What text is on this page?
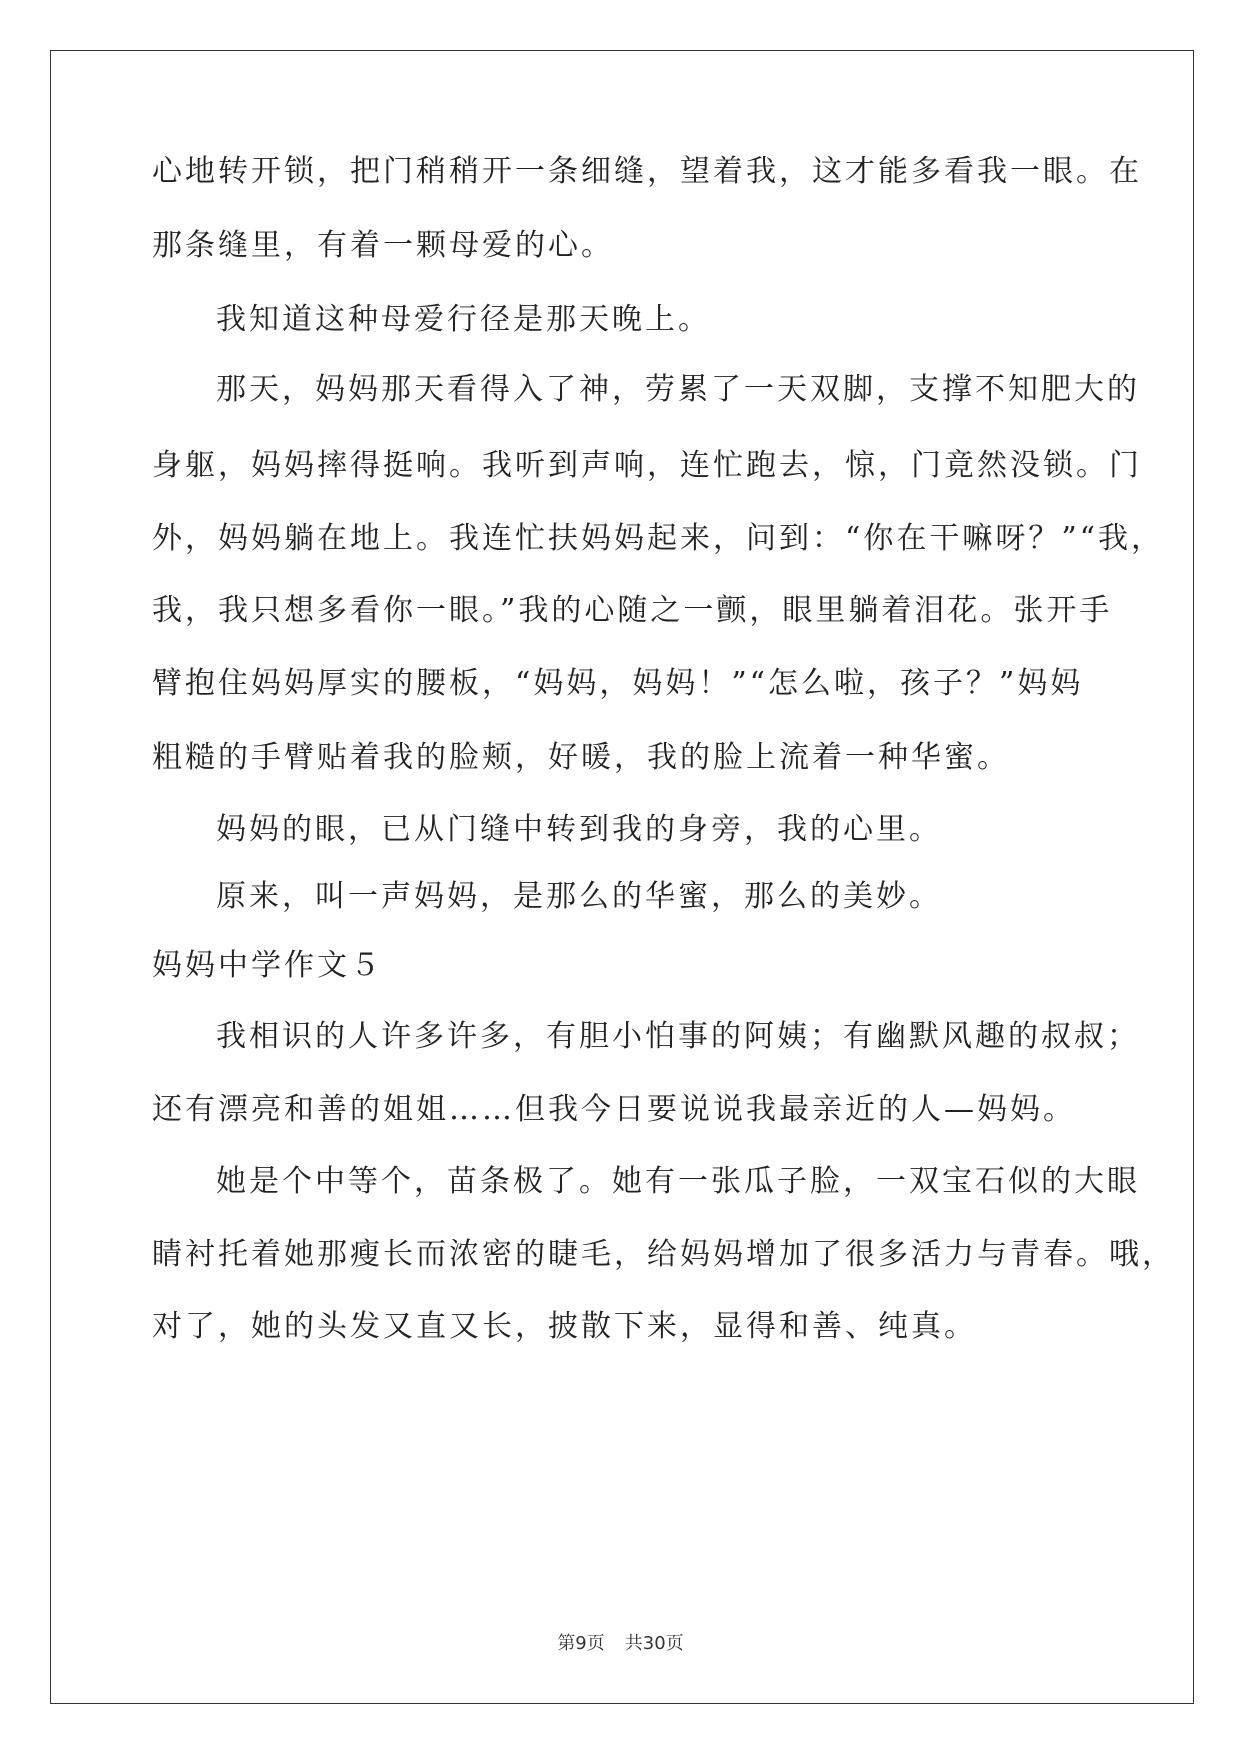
心地转开锁，把门稍稍开一条细缝，望着我，这才能多看我一眼。在
那条缝里，有着一颗母爱的心。
我知道这种母爱行径是那天晚上。
那天，妈妈那天看得入了神，劳累了一天双脚，支撑不知肥大的
身躯，妈妈摔得挺响。我听到声响，连忙跑去，惊，门竟然没锁。门
外，妈妈躺在地上。我连忙扶妈妈起来，问到：“你在干嘛呀？”“我，
我，我只想多看你一眼。”我的心随之一颤，眼里躺着泪花。张开手
臂抱住妈妈厚实的腰板，“妈妈，妈妈！”“怎么啦，孩子？”妈妈
粗糙的手臂贴着我的脸颊，好暖，我的脸上流着一种华蜜。
妈妈的眼，已从门缝中转到我的身旁，我的心里。
原来，叫一声妈妈，是那么的华蜜，那么的美妙。
妈妈中学作文５
我相识的人许多许多，有胆小怕事的阿姨；有幽默风趣的叔叔；
还有漂亮和善的姐姐……但我今日要说说我最亲近的人—妈妈。
她是个中等个，苗条极了。她有一张瓜子脸，一双宝石似的大眼
睛衬托着她那瘦长而浓密的睫毛，给妈妈增加了很多活力与青春。哦，
对了，她的头发又直又长，披散下来，显得和善、纯真。
第9页 共30页
